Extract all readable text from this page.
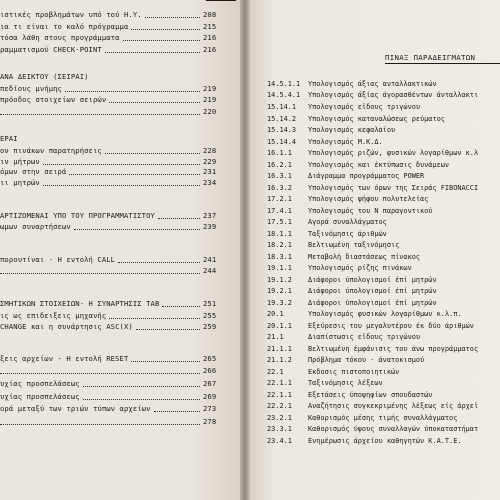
ιστικές προβλημάτων υπό τού Η.Υ.	208
ια τι είναι το καλό πρόγραμμα	215
τόσα λάθη στους προγράμματα	216
ραμματισμού CHECK-POINT	216
ΑΝΑ ΔΕΙΚΤΟΥ (ΣΕΙΡΑΙ)
πεδίους μνήμης	219
πρόοδος στοιχείων σειρών	219
220
ΕΡΑΙ
ον πινάκων παρατηρήσεις	228
ιν μήτρων	229
όμων στην σειρά	231
ιι μητρών	234
ΑΡΤΙΖΟΜΕΝΑΙ ΥΠΟ ΤΟΥ ΠΡΟΓΡΑΜΜΑΤΙΣΤΟΥ	237
ωμων συναρτήσεων	239
πορουτίναι - Η εντολή CALL	241
244
ΣΜΗΤΙΚΩΝ ΣΤΟΙΧΕΙΩΝ- Η ΣΥΝΑΡΤΗΣΙΣ TAB	251
ις ως επιδειξεις μηχανής	255
CHANGE και η συνάρτησις ASC(X)	259
ξεις αρχείων - Η εντολή RESET	265
266
υχίας προσπελάσεως	267
υχίας προσπελάσεως	269
ορά μεταξύ των τριών τύπων αρχείων	273
278
ΠΙΝΑΞ ΠΑΡΑΔΕΙΓΜΑΤΩΝ
14.5.1.1 Υπολογισμός άξιας ανταλλακτικών
14.5.4.1 Υπολογισμός άξίας άγορασθέντων άνταλλακτι
15.14.1 Υπολογισμός εϊδους τριγώνου
15.14.2 Υπολογισμός καταναλώσεως ρεύματος
15.14.3 Υπολογισμός κεφαλαίου
15.14.4 Υπολογισμός Μ.Κ.Δ.
16.1.1 Υπολογισμός ριζών, φυσικών λογαρίθμων κ.λ
16.2.1 Υπολογισμός και έκτύπωσις δυνάμεων
16.3.1 Διάγραμμα προγράμματος POWER
16.3.2 Υπολογισμός των όρων της Σειράς FIBONACCI
17.2.1 Υπολογισμός ψήφου πολυτελείας
17.4.1 Υπολογισμός του Ν παραγοντικού
17.5.1 Αγορά συναλλάγματος
18.1.1 Ταξινόμησις άριθμών
18.2.1 Βελτιωμένη ταξινόμησις
18.3.1 Μεταβολή διαστάσεως πίνακος
19.1.1 Υπολογισμός ρίζης πινάκων
19.1.2 Διάφοροι ύπολογισμοί έπί μητρών
19.2.1 Διάφοροι ύπολογισμοί έπί μητρών
19.3.2 Διάφοροι ύπολογισμοί έπί μητρών
20.1	Υπολογισμός φυσικών λογαρίθμων κ.λ.π.
20.1.1 Εξεύρεσις του μεγαλυτέρου έκ δύο άριθμών
21.1	Διαπίστωσις εϊδους τριγώνου
21.1.1 Βελτιωμένη έμφάνισις του άνω προγράμματος
21.1.2 Πρόβλημα τόκου - άνατοκισμού
22.1	Εκδοσις πιστοποιητικών
22.1.1 Ταξινόμησις λέξεων
22.1.1 Εξετάσεις ύποψηφίων σπουδαστών
22.2.1 Αναζήτησις συγκεκριμένης λέξεως είς άρχεϊ
23.2.1 Καθορισμός μέσης τιμής συναλλάγματος
23.3.1 Καθορισμός ύψους συναλλαγών ύποκαταστήματ
23.4.1 Ενημέρωσις άρχείου καθηγητών Κ.Α.Τ.Ε.
